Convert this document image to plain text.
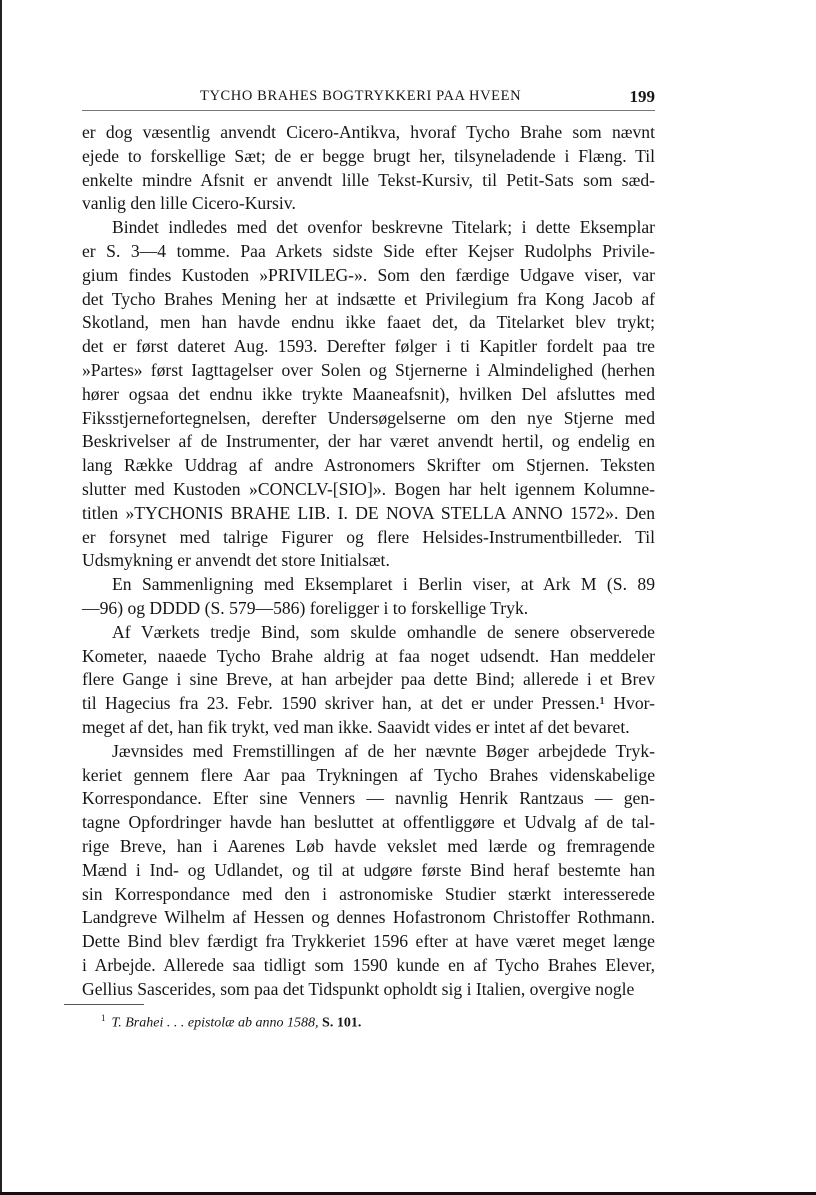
TYCHO BRAHES BOGTRYKKERI PAA HVEEN	199
er dog væsentlig anvendt Cicero-Antikva, hvoraf Tycho Brahe som nævnt
ejede to forskellige Sæt; de er begge brugt her, tilsyneladende i Flæng. Til
enkelte mindre Afsnit er anvendt lille Tekst-Kursiv, til Petit-Sats som sæd-
vanlig den lille Cicero-Kursiv.
Bindet indledes med det ovenfor beskrevne Titelark; i dette Eksemplar
er S. 3—4 tomme. Paa Arkets sidste Side efter Kejser Rudolphs Privile-
gium findes Kustoden »PRIVILEG-». Som den færdige Udgave viser, var
det Tycho Brahes Mening her at indsætte et Privilegium fra Kong Jacob af
Skotland, men han havde endnu ikke faaet det, da Titelarket blev trykt;
det er først dateret Aug. 1593. Derefter følger i ti Kapitler fordelt paa tre
»Partes» først Iagttagelser over Solen og Stjernerne i Almindelighed (herhen
hører ogsaa det endnu ikke trykte Maaneafsnit), hvilken Del afsluttes med
Fiksstjernefortegnelsen, derefter Undersøgelserne om den nye Stjerne med
Beskrivelser af de Instrumenter, der har været anvendt hertil, og endelig en
lang Række Uddrag af andre Astronomers Skrifter om Stjernen. Teksten
slutter med Kustoden »CONCLV-[SIO]». Bogen har helt igennem Kolumne-
titlen »TYCHONIS BRAHE LIB. I. DE NOVA STELLA ANNO 1572». Den
er forsynet med talrige Figurer og flere Helsides-Instrumentbilleder. Til
Udsmykning er anvendt det store Initialsæt.
En Sammenligning med Eksemplaret i Berlin viser, at Ark M (S. 89
—96) og DDDD (S. 579—586) foreligger i to forskellige Tryk.
Af Værkets tredje Bind, som skulde omhandle de senere observerede
Kometer, naaede Tycho Brahe aldrig at faa noget udsendt. Han meddeler
flere Gange i sine Breve, at han arbejder paa dette Bind; allerede i et Brev
til Hagecius fra 23. Febr. 1590 skriver han, at det er under Pressen.¹ Hvor-
meget af det, han fik trykt, ved man ikke. Saavidt vides er intet af det bevaret.
Jævnsides med Fremstillingen af de her nævnte Bøger arbejdede Tryk-
keriet gennem flere Aar paa Trykningen af Tycho Brahes videnskabelige
Korrespondance. Efter sine Venners — navnlig Henrik Rantzaus — gen-
tagne Opfordringer havde han besluttet at offentliggøre et Udvalg af de tal-
rige Breve, han i Aarenes Løb havde vekslet med lærde og fremragende
Mænd i Ind- og Udlandet, og til at udgøre første Bind heraf bestemte han
sin Korrespondance med den i astronomiske Studier stærkt interesserede
Landgreve Wilhelm af Hessen og dennes Hofastronom Christoffer Rothmann.
Dette Bind blev færdigt fra Trykkeriet 1596 efter at have været meget længe
i Arbejde. Allerede saa tidligt som 1590 kunde en af Tycho Brahes Elever,
Gellius Sascerides, som paa det Tidspunkt opholdt sig i Italien, overgive nogle
$^1$ T. Brahei . . . epistolæ ab anno 1588, S. 101.
